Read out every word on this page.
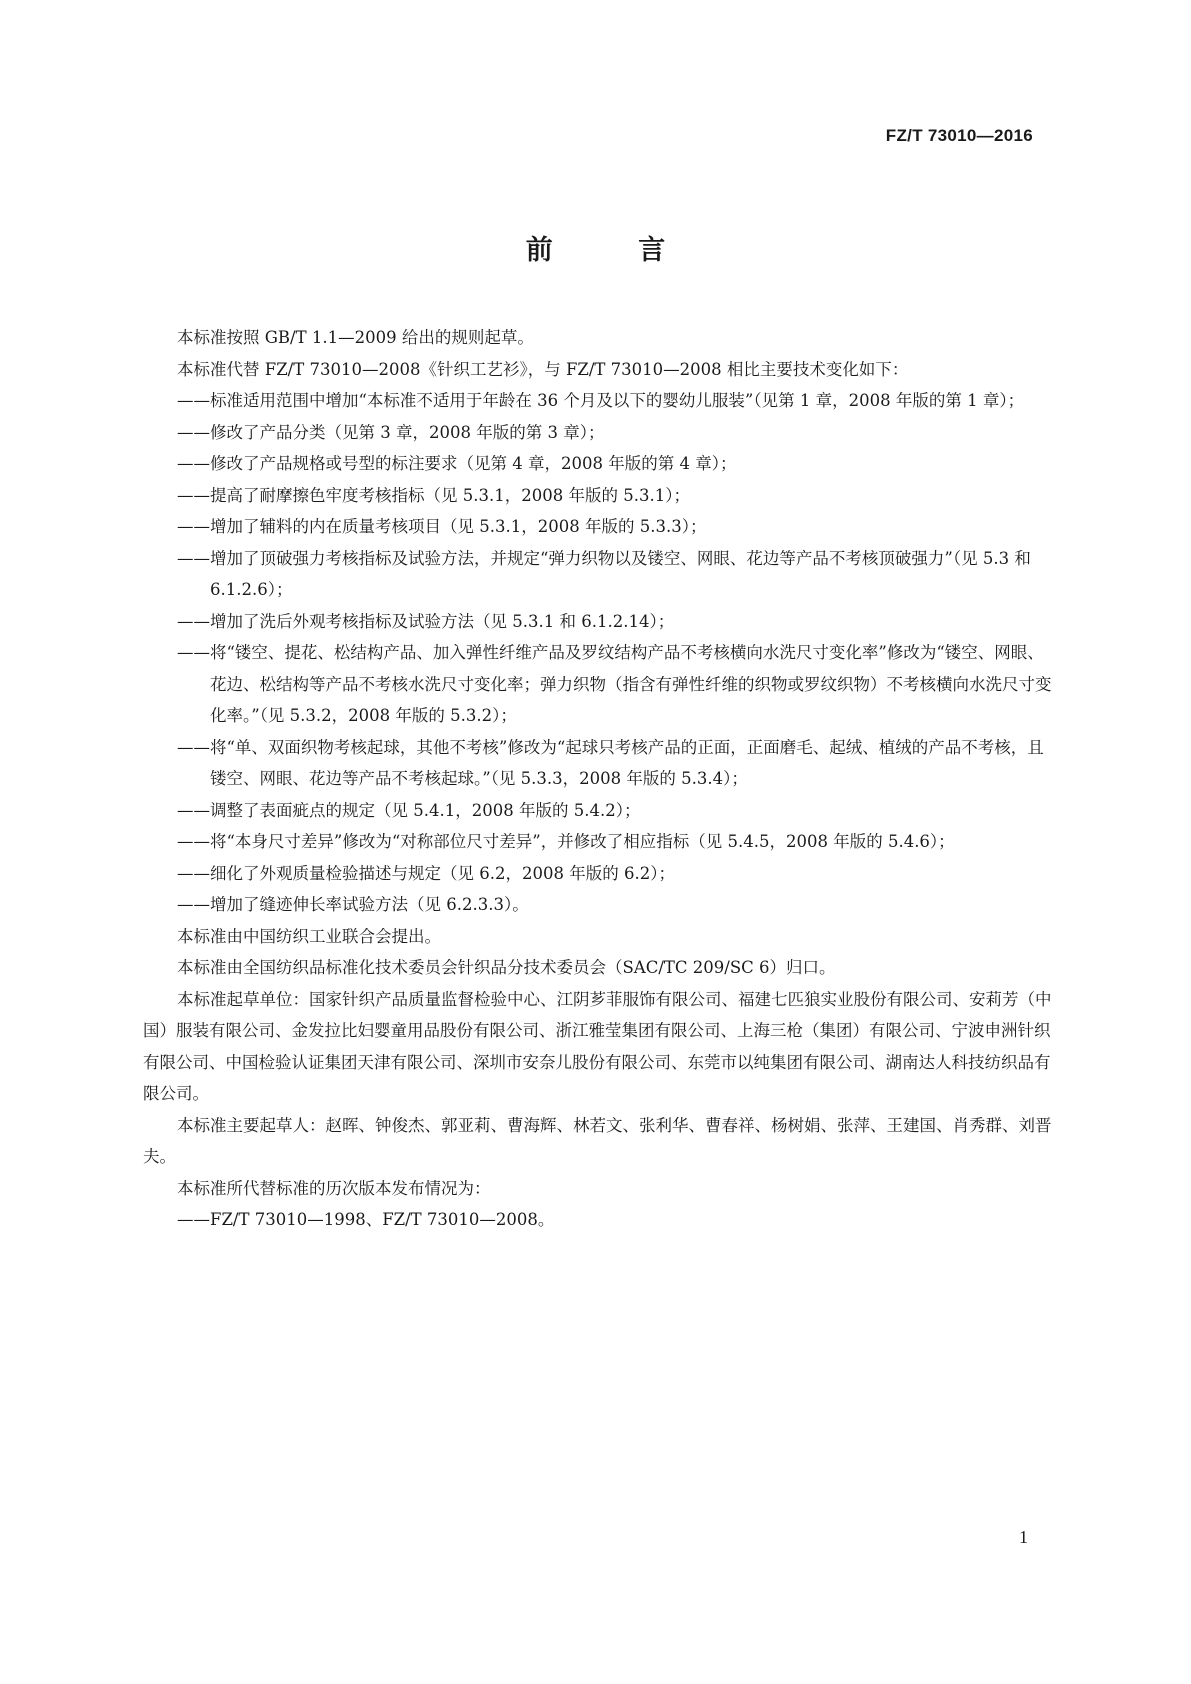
FZ/T 73010—2016
前 言

本标准按照 GB/T 1.1—2009 给出的规则起草。

本标准代替 FZ/T 73010—2008《针织工艺衫》，与 FZ/T 73010—2008 相比主要技术变化如下：

——标准适用范围中增加“本标准不适用于年龄在 36 个月及以下的婴幼儿服装”（见第 1 章，2008 年版的第 1 章）；

——修改了产品分类（见第 3 章，2008 年版的第 3 章）；

——修改了产品规格或号型的标注要求（见第 4 章，2008 年版的第 4 章）；

——提高了耐摩擦色牢度考核指标（见 5.3.1，2008 年版的 5.3.1）；

——增加了辅料的内在质量考核项目（见 5.3.1，2008 年版的 5.3.3）；

——增加了顶破强力考核指标及试验方法，并规定“弹力织物以及镂空、网眼、花边等产品不考核顶破强力”（见 5.3 和 6.1.2.6）；

——增加了洗后外观考核指标及试验方法（见 5.3.1 和 6.1.2.14）；

——将“镂空、提花、松结构产品、加入弹性纤维产品及罗纹结构产品不考核横向水洗尺寸变化率”修改为“镂空、网眼、花边、松结构等产品不考核水洗尺寸变化率；弹力织物（指含有弹性纤维的织物或罗纹织物）不考核横向水洗尺寸变化率。”（见 5.3.2，2008 年版的 5.3.2）；

——将“单、双面织物考核起球，其他不考核”修改为“起球只考核产品的正面，正面磨毛、起绒、植绒的产品不考核，且镂空、网眼、花边等产品不考核起球。”（见 5.3.3，2008 年版的 5.3.4）；

——调整了表面疵点的规定（见 5.4.1，2008 年版的 5.4.2）；

——将“本身尺寸差异”修改为“对称部位尺寸差异”，并修改了相应指标（见 5.4.5，2008 年版的 5.4.6）；

——细化了外观质量检验描述与规定（见 6.2，2008 年版的 6.2）；

——增加了缝迹伸长率试验方法（见 6.2.3.3）。

本标准由中国纺织工业联合会提出。

本标准由全国纺织品标准化技术委员会针织品分技术委员会（SAC/TC 209/SC 6）归口。

本标准起草单位：国家针织产品质量监督检验中心、江阴芗菲服饰有限公司、福建七匹狼实业股份有限公司、安莉芳（中国）服装有限公司、金发拉比妇婴童用品股份有限公司、浙江雅莹集团有限公司、上海三枪（集团）有限公司、宁波申洲针织有限公司、中国检验认证集团天津有限公司、深圳市安奈儿股份有限公司、东莞市以纯集团有限公司、湖南达人科技纺织品有限公司。

本标准主要起草人：赵晖、钟俊杰、郭亚莉、曹海辉、林若文、张利华、曹春祥、杨树娟、张萍、王建国、肖秀群、刘晋夫。

本标准所代替标准的历次版本发布情况为：

——FZ/T 73010—1998、FZ/T 73010—2008。

1
